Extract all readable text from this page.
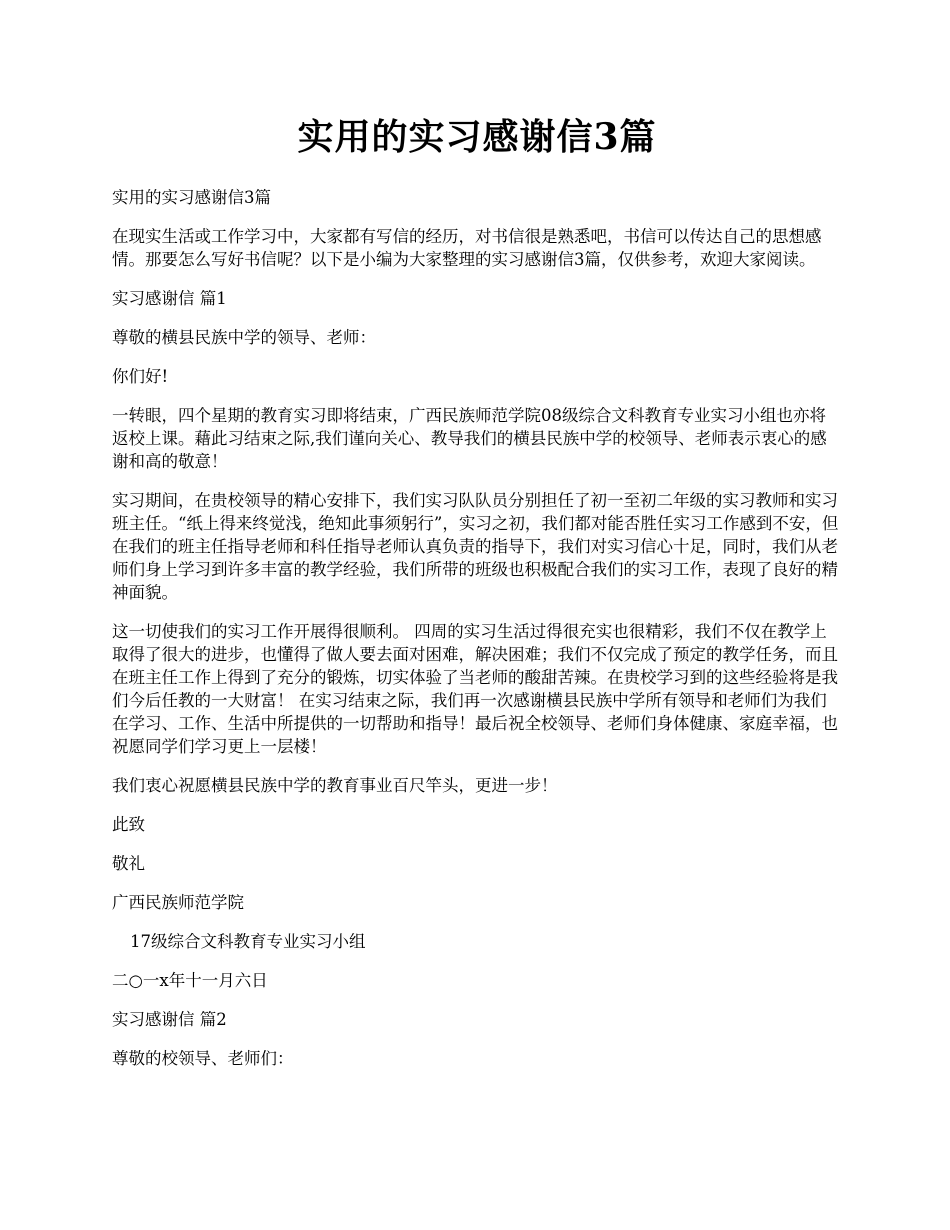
实用的实习感谢信3篇

实用的实习感谢信3篇

在现实生活或工作学习中，大家都有写信的经历，对书信很是熟悉吧，书信可以传达自己的思想感情。那要怎么写好书信呢？以下是小编为大家整理的实习感谢信3篇，仅供参考，欢迎大家阅读。

实习感谢信 篇1

尊敬的横县民族中学的领导、老师：

你们好!

一转眼，四个星期的教育实习即将结束，广西民族师范学院08级综合文科教育专业实习小组也亦将返校上课。藉此习结束之际,我们谨向关心、教导我们的横县民族中学的校领导、老师表示衷心的感谢和高的敬意！

实习期间，在贵校领导的精心安排下，我们实习队队员分别担任了初一至初二年级的实习教师和实习班主任。“纸上得来终觉浅，绝知此事须躬行”，实习之初，我们都对能否胜任实习工作感到不安，但在我们的班主任指导老师和科任指导老师认真负责的指导下，我们对实习信心十足，同时，我们从老师们身上学习到许多丰富的教学经验，我们所带的班级也积极配合我们的实习工作，表现了良好的精神面貌。

这一切使我们的实习工作开展得很顺利。 四周的实习生活过得很充实也很精彩，我们不仅在教学上取得了很大的进步，也懂得了做人要去面对困难，解决困难；我们不仅完成了预定的教学任务，而且在班主任工作上得到了充分的锻炼，切实体验了当老师的酸甜苦辣。在贵校学习到的这些经验将是我们今后任教的一大财富！ 在实习结束之际，我们再一次感谢横县民族中学所有领导和老师们为我们在学习、工作、生活中所提供的一切帮助和指导！最后祝全校领导、老师们身体健康、家庭幸福，也祝愿同学们学习更上一层楼！

我们衷心祝愿横县民族中学的教育事业百尺竿头，更进一步！

此致

敬礼

广西民族师范学院

17级综合文科教育专业实习小组

二○一x年十一月六日

实习感谢信 篇2

尊敬的校领导、老师们：
